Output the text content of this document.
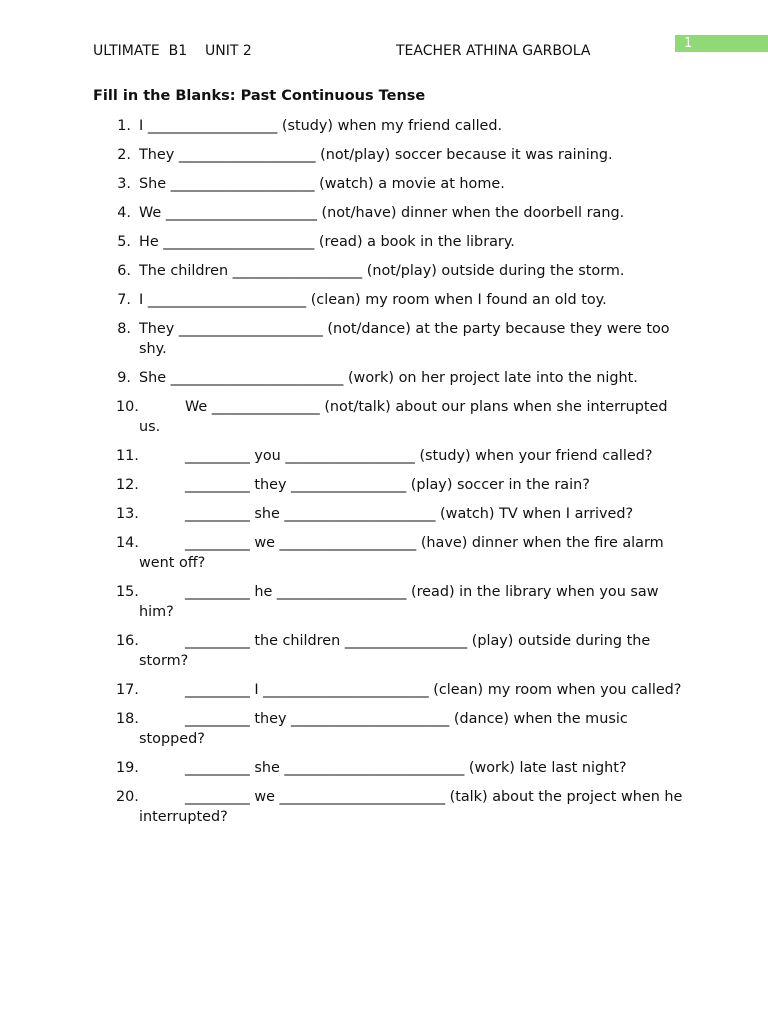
1
ULTIMATE  B1    UNIT 2	TEACHER ATHINA GARBOLA
Fill in the Blanks: Past Continuous Tense
1. I __________________ (study) when my friend called.
2. They ___________________ (not/play) soccer because it was raining.
3. She ____________________ (watch) a movie at home.
4. We _____________________ (not/have) dinner when the doorbell rang.
5. He _____________________ (read) a book in the library.
6. The children __________________ (not/play) outside during the storm.
7. I ______________________ (clean) my room when I found an old toy.
8. They ____________________ (not/dance) at the party because they were too shy.
9. She ________________________ (work) on her project late into the night.
10.	We _______________ (not/talk) about our plans when she interrupted us.
11.	_________ you __________________ (study) when your friend called?
12.	_________ they ________________ (play) soccer in the rain?
13.	_________ she _____________________ (watch) TV when I arrived?
14.	_________ we ___________________ (have) dinner when the fire alarm went off?
15.	_________ he __________________ (read) in the library when you saw him?
16.	_________ the children _________________ (play) outside during the storm?
17.	_________ I _______________________ (clean) my room when you called?
18.	_________ they ______________________ (dance) when the music stopped?
19.	_________ she _________________________ (work) late last night?
20.	_________ we _______________________ (talk) about the project when he interrupted?
